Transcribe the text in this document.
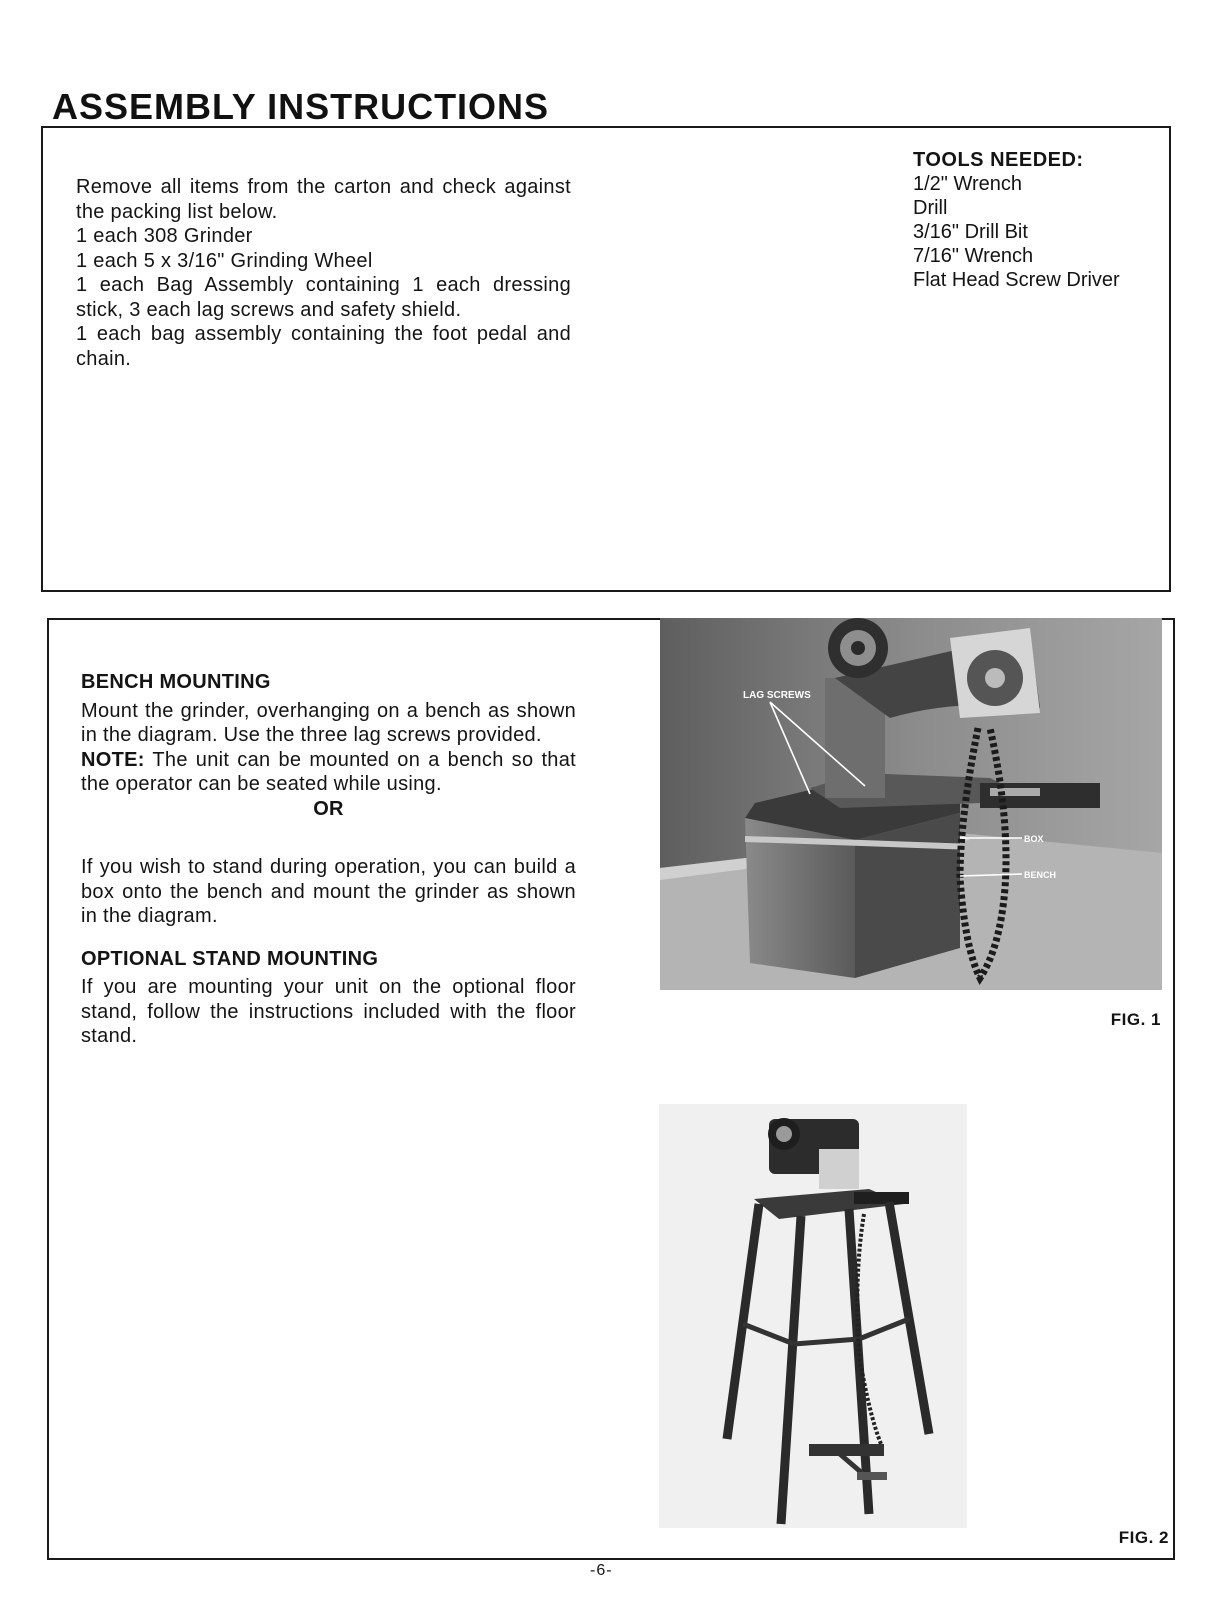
ASSEMBLY INSTRUCTIONS

Remove all items from the carton and check against the packing list below.

1 each 308 Grinder

1 each 5 x 3/16" Grinding Wheel

1 each Bag Assembly containing 1 each dressing stick, 3 each lag screws and safety shield.

1 each bag assembly containing the foot pedal and chain.

TOOLS NEEDED:
1/2" Wrench
Drill
3/16" Drill Bit
7/16" Wrench
Flat Head Screw Driver
BENCH MOUNTING

Mount the grinder, overhanging on a bench as shown in the diagram. Use the three lag screws provided.

NOTE: The unit can be mounted on a bench so that the operator can be seated while using.

OR

If you wish to stand during operation, you can build a box onto the bench and mount the grinder as shown in the diagram.

OPTIONAL STAND MOUNTING

If you are mounting your unit on the optional floor stand, follow the instructions included with the floor stand.

LAG SCREWS
BOX
BENCH
FIG. 1
FIG. 2
-6-
